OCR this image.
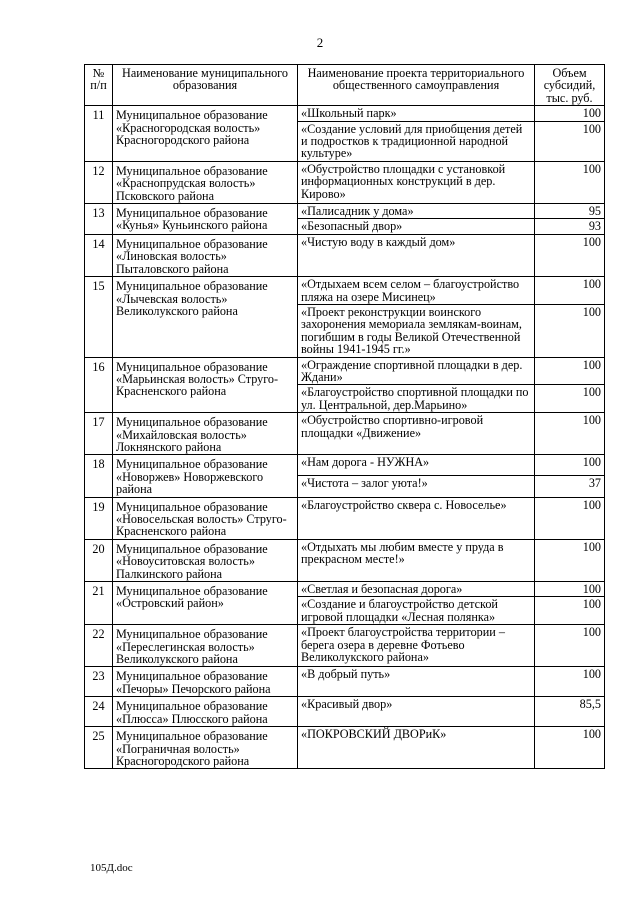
2
№ п/п	Наименование муниципального образования	Наименование проекта территориального общественного самоуправления	Объем субсидий, тыс. руб.
11	Муниципальное образование «Красногородская волость» Красногородского района	«Школьный парк»	100
		«Создание условий для приобщения детей и подростков к традиционной народной культуре»	100
12	Муниципальное образование «Краснопрудская волость» Псковского района	«Обустройство площадки с установкой информационных конструкций в дер. Кирово»	100
13	Муниципальное образование «Кунья» Куньинского района	«Палисадник у дома»	95
		«Безопасный двор»	93
14	Муниципальное образование «Линовская волость» Пыталовского района	«Чистую воду в каждый дом»	100
15	Муниципальное образование «Лычевская волость» Великолукского района	«Отдыхаем всем селом – благоустройство пляжа на озере Мисинец»	100
		«Проект реконструкции воинского захоронения мемориала землякам-воинам, погибшим в годы Великой Отечественной войны 1941-1945 гг.»	100
16	Муниципальное образование «Марьинская волость» Струго-Красненского района	«Ограждение спортивной площадки в дер. Ждани»	100
		«Благоустройство спортивной площадки по ул. Центральной, дер.Марьино»	100
17	Муниципальное образование «Михайловская волость» Локнянского района	«Обустройство спортивно-игровой площадки «Движение»	100
18	Муниципальное образование «Новоржев» Новоржевского района	«Нам дорога - НУЖНА»	100
		«Чистота – залог уюта!»	37
19	Муниципальное образование «Новосельская волость» Струго-Красненского района	«Благоустройство сквера с. Новоселье»	100
20	Муниципальное образование «Новоуситовская волость» Палкинского района	«Отдыхать мы любим вместе у пруда в прекрасном месте!»	100
21	Муниципальное образование «Островский район»	«Светлая и безопасная дорога»	100
		«Создание и благоустройство детской игровой площадки «Лесная полянка»	100
22	Муниципальное образование «Переслегинская волость» Великолукского района	«Проект благоустройства территории – берега озера в деревне Фотьево Великолукского района»	100
23	Муниципальное образование «Печоры» Печорского района	«В добрый путь»	100
24	Муниципальное образование «Плюсса» Плюсского района	«Красивый двор»	85,5
25	Муниципальное образование «Пограничная волость» Красногородского района	«ПОКРОВСКИЙ ДВОРиК»	100
105Д.doc
